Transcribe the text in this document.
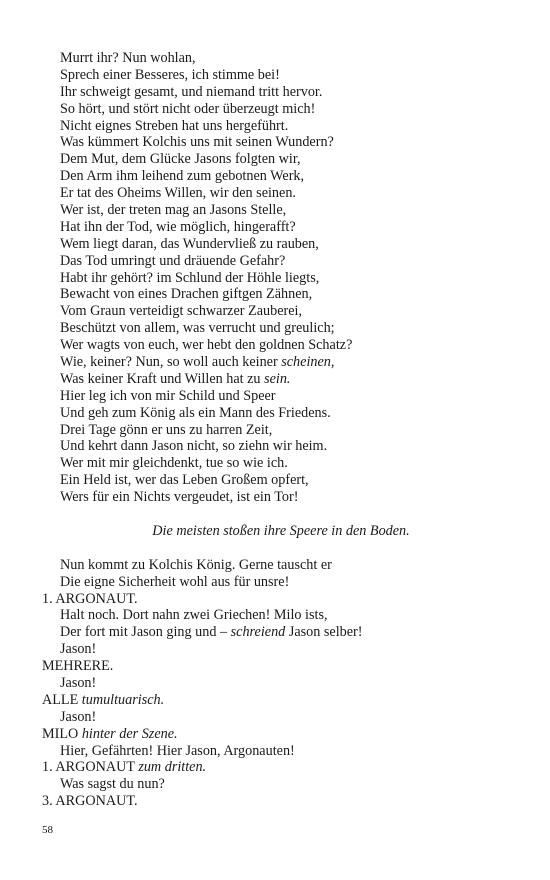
Murrt ihr? Nun wohlan,
Sprech einer Besseres, ich stimme bei!
Ihr schweigt gesamt, und niemand tritt hervor.
So hört, und stört nicht oder überzeugt mich!
Nicht eignes Streben hat uns hergeführt.
Was kümmert Kolchis uns mit seinen Wundern?
Dem Mut, dem Glücke Jasons folgten wir,
Den Arm ihm leihend zum gebotnen Werk,
Er tat des Oheims Willen, wir den seinen.
Wer ist, der treten mag an Jasons Stelle,
Hat ihn der Tod, wie möglich, hingerafft?
Wem liegt daran, das Wundervließ zu rauben,
Das Tod umringt und dräuende Gefahr?
Habt ihr gehört? im Schlund der Höhle liegts,
Bewacht von eines Drachen giftgen Zähnen,
Vom Graun verteidigt schwarzer Zauberei,
Beschützt von allem, was verrucht und greulich;
Wer wagts von euch, wer hebt den goldnen Schatz?
Wie, keiner? Nun, so woll auch keiner scheinen,
Was keiner Kraft und Willen hat zu sein.
Hier leg ich von mir Schild und Speer
Und geh zum König als ein Mann des Friedens.
Drei Tage gönn er uns zu harren Zeit,
Und kehrt dann Jason nicht, so ziehn wir heim.
Wer mit mir gleichdenkt, tue so wie ich.
Ein Held ist, wer das Leben Großem opfert,
Wers für ein Nichts vergeudet, ist ein Tor!
Die meisten stoßen ihre Speere in den Boden.
Nun kommt zu Kolchis König. Gerne tauscht er
Die eigne Sicherheit wohl aus für unsre!
1. ARGONAUT.
Halt noch. Dort nahn zwei Griechen! Milo ists,
Der fort mit Jason ging und – schreiend Jason selber!
Jason!
MEHRERE.
Jason!
ALLE tumultuarisch.
Jason!
MILO hinter der Szene.
Hier, Gefährten! Hier Jason, Argonauten!
1. ARGONAUT zum dritten.
Was sagst du nun?
3. ARGONAUT.
58
